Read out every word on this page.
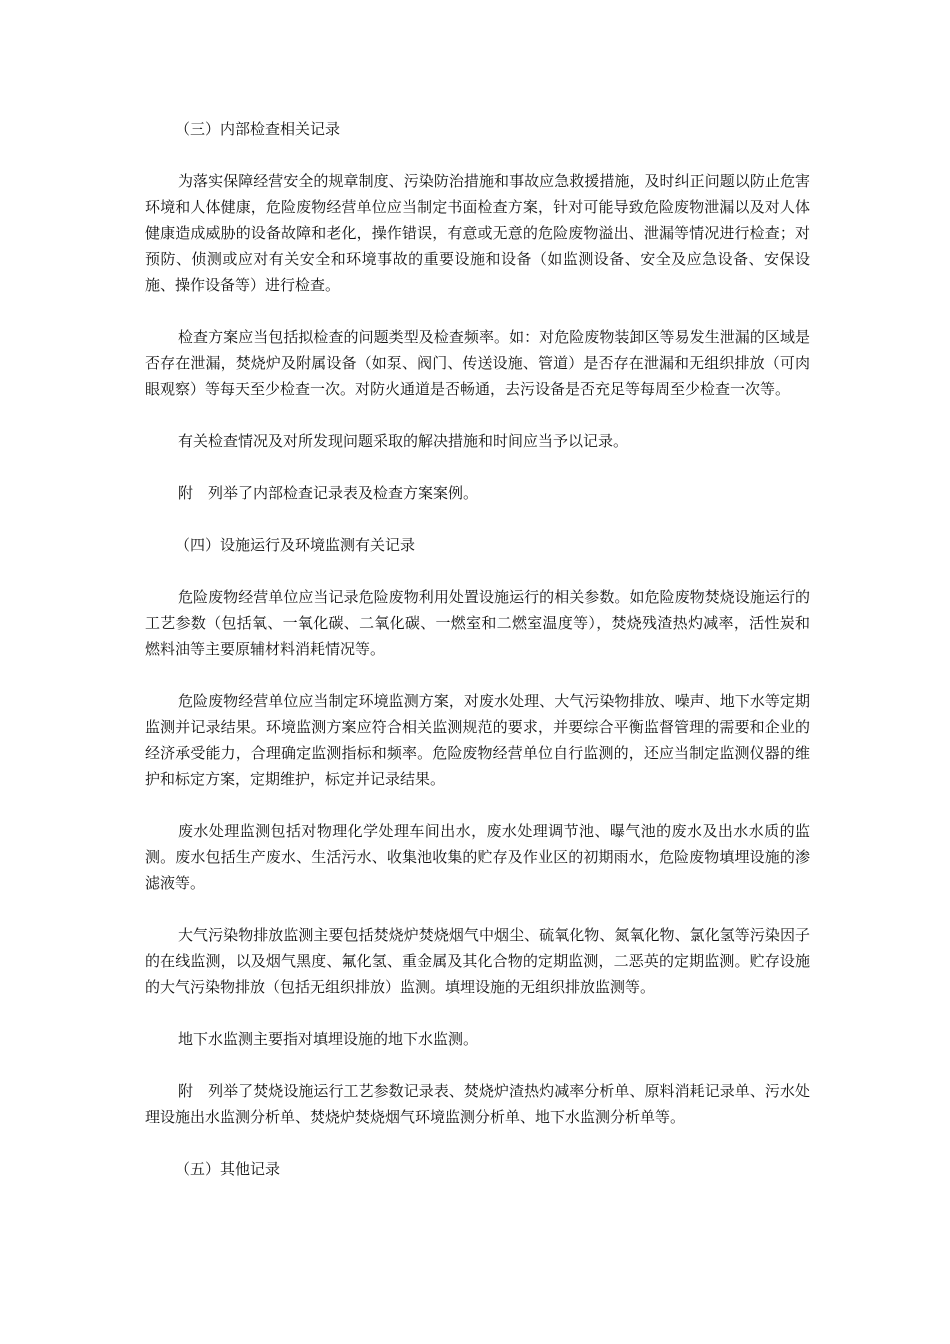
（三）内部检查相关记录

为落实保障经营安全的规章制度、污染防治措施和事故应急救援措施，及时纠正问题以防止危害环境和人体健康，危险废物经营单位应当制定书面检查方案，针对可能导致危险废物泄漏以及对人体健康造成威胁的设备故障和老化，操作错误，有意或无意的危险废物溢出、泄漏等情况进行检查；对预防、侦测或应对有关安全和环境事故的重要设施和设备（如监测设备、安全及应急设备、安保设施、操作设备等）进行检查。

检查方案应当包括拟检查的问题类型及检查频率。如：对危险废物装卸区等易发生泄漏的区域是否存在泄漏，焚烧炉及附属设备（如泵、阀门、传送设施、管道）是否存在泄漏和无组织排放（可肉眼观察）等每天至少检查一次。对防火通道是否畅通，去污设备是否充足等每周至少检查一次等。

有关检查情况及对所发现问题采取的解决措施和时间应当予以记录。

附　列举了内部检查记录表及检查方案案例。

（四）设施运行及环境监测有关记录

危险废物经营单位应当记录危险废物利用处置设施运行的相关参数。如危险废物焚烧设施运行的工艺参数（包括氧、一氧化碳、二氧化碳、一燃室和二燃室温度等），焚烧残渣热灼减率，活性炭和燃料油等主要原辅材料消耗情况等。

危险废物经营单位应当制定环境监测方案，对废水处理、大气污染物排放、噪声、地下水等定期监测并记录结果。环境监测方案应符合相关监测规范的要求，并要综合平衡监督管理的需要和企业的经济承受能力，合理确定监测指标和频率。危险废物经营单位自行监测的，还应当制定监测仪器的维护和标定方案，定期维护，标定并记录结果。

废水处理监测包括对物理化学处理车间出水，废水处理调节池、曝气池的废水及出水水质的监测。废水包括生产废水、生活污水、收集池收集的贮存及作业区的初期雨水，危险废物填埋设施的渗滤液等。

大气污染物排放监测主要包括焚烧炉焚烧烟气中烟尘、硫氧化物、氮氧化物、氯化氢等污染因子的在线监测，以及烟气黑度、氟化氢、重金属及其化合物的定期监测，二恶英的定期监测。贮存设施的大气污染物排放（包括无组织排放）监测。填埋设施的无组织排放监测等。

地下水监测主要指对填埋设施的地下水监测。

附　列举了焚烧设施运行工艺参数记录表、焚烧炉渣热灼减率分析单、原料消耗记录单、污水处理设施出水监测分析单、焚烧炉焚烧烟气环境监测分析单、地下水监测分析单等。

（五）其他记录
